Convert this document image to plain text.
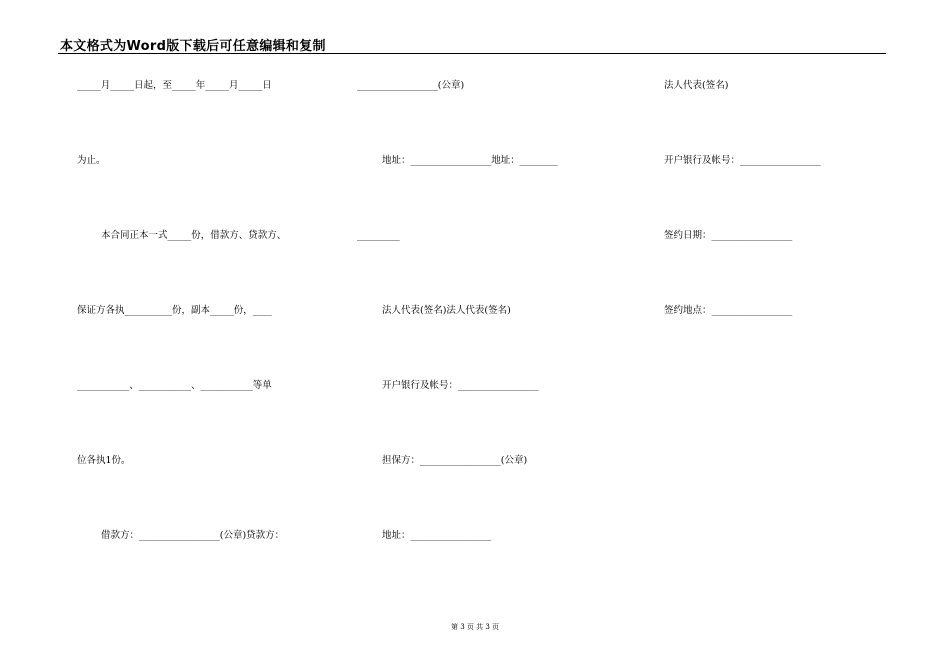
本文格式为Word版下载后可任意编辑和复制
_____月_____日起，至_____年_____月_____日
为止。
本合同正本一式_____份，借款方、贷款方、
保证方各执__________份，副本_____份，____
___________、___________、___________等单
位各执1份。
借款方：_________________(公章)贷款方：
_________________(公章)
地址：_________________地址：________
_________
法人代表(签名)法人代表(签名)
开户银行及帐号：_________________
担保方：_________________(公章)
地址：_________________
法人代表(签名)
开户银行及帐号：_________________
签约日期：_________________
签约地点：_________________
第 3 页 共 3 页
